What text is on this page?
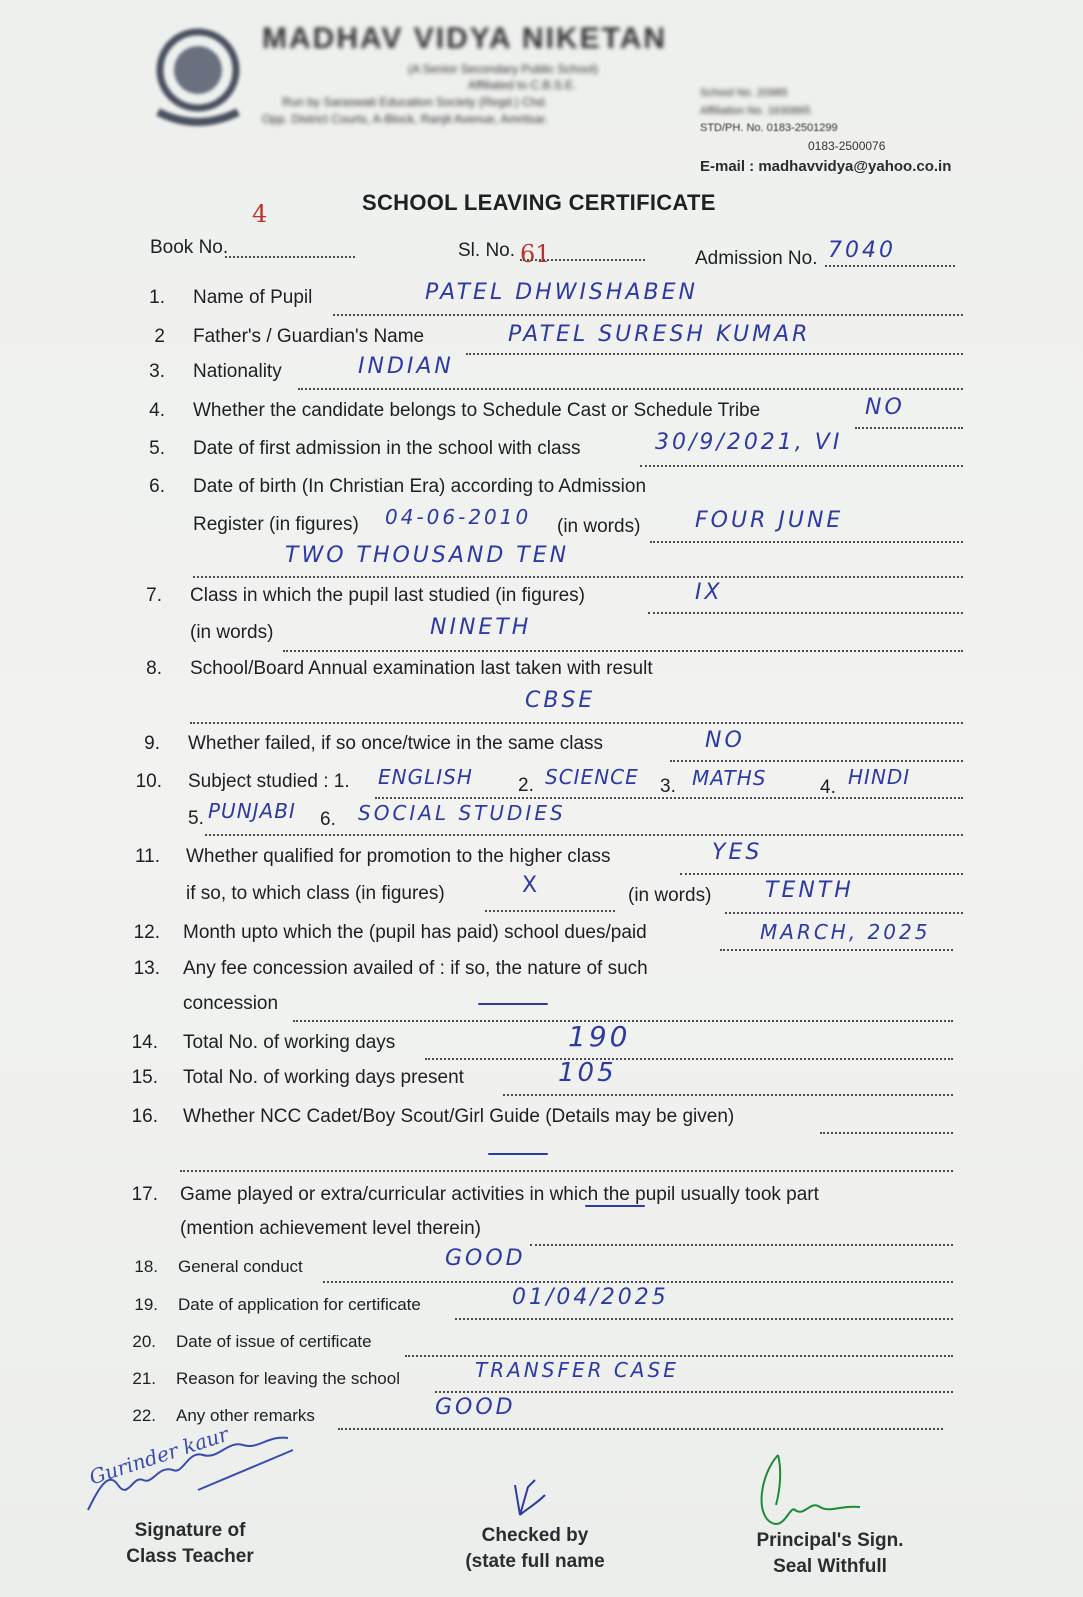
MADHAV VIDYA NIKETAN
(A Senior Secondary Public School)
Affiliated to C.B.S.E.
Run by Saraswati Education Society (Regd.) Chd.
Opp. District Courts, A-Block, Ranjit Avenue, Amritsar.
School No. 20985
Affiliation No. 1630865
STD/PH. No. 0183-2501299
0183-2500076
E-mail : madhavvidya@yahoo.co.in
SCHOOL LEAVING CERTIFICATE
4
Book No.	Sl. No. 61	Admission No. 7040
1. Name of Pupil	PATEL DHWISHABEN
2 Father's / Guardian's Name	PATEL SURESH KUMAR
3. Nationality	INDIAN
4. Whether the candidate belongs to Schedule Cast or Schedule Tribe	NO
5. Date of first admission in the school with class	30/9/2021, VI
6. Date of birth (In Christian Era) according to Admission
Register (in figures) 04-06-2010 (in words) FOUR JUNE
TWO THOUSAND TEN
7. Class in which the pupil last studied (in figures)	IX
(in words)	NINETH
8. School/Board Annual examination last taken with result
CBSE
9. Whether failed, if so once/twice in the same class	NO
10. Subject studied : 1. ENGLISH 2. SCIENCE 3. MATHS	4. HINDI
5. PUNJABI 6. SOCIAL STUDIES
11. Whether qualified for promotion to the higher class	YES
if so, to which class (in figures)	X	(in words) TENTH
12. Month upto which the (pupil has paid) school dues/paid	MARCH, 2025
13. Any fee concession availed of : if so, the nature of such
concession
14. Total No. of working days	190
15. Total No. of working days present	105
16. Whether NCC Cadet/Boy Scout/Girl Guide (Details may be given)
17. Game played or extra/curricular activities in which the pupil usually took part
(mention achievement level therein)
18. General conduct	GOOD
19. Date of application for certificate	01/04/2025
20. Date of issue of certificate
21. Reason for leaving the school	TRANSFER CASE
22. Any other remarks	GOOD
Gurinder kaur
Signature of
Class Teacher
Checked by
(state full name
Principal's Sign.
Seal Withfull
